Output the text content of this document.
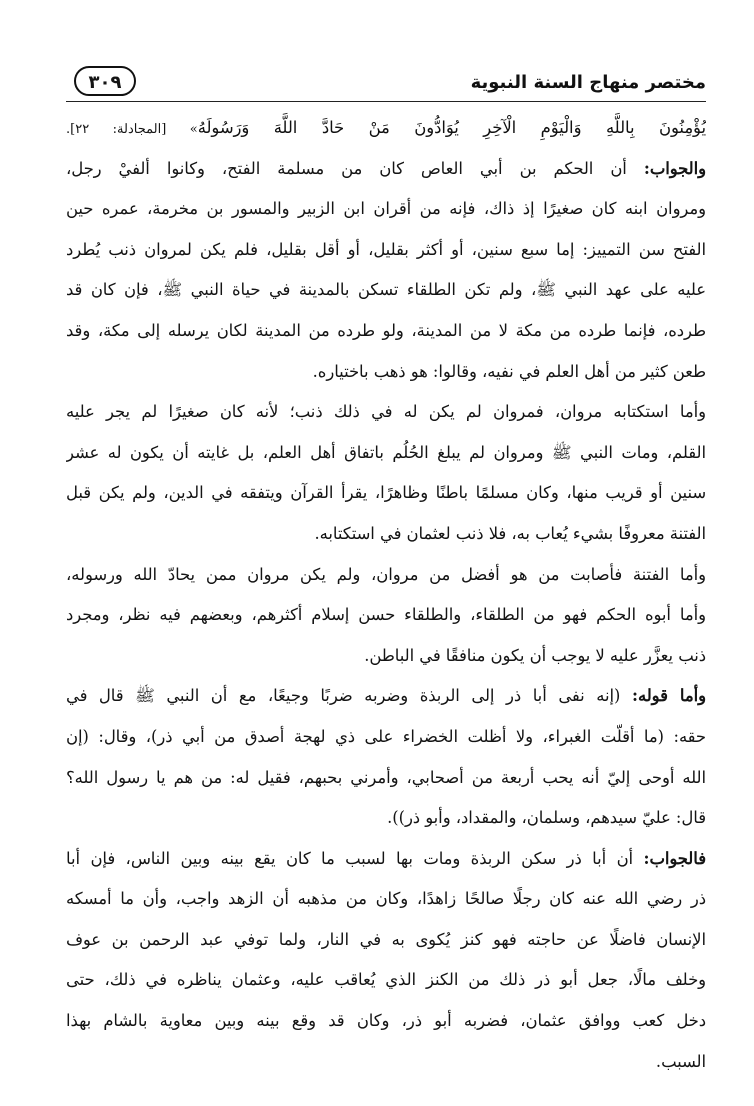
مختصر منهاج السنة النبوية
٣٠٩
يُؤْمِنُونَ بِاللَّهِ وَالْيَوْمِ الْآخِرِ يُوَادُّونَ مَنْ حَادَّ اللَّهَ وَرَسُولَهُ» [المجادلة: ٢٢].
والجواب: أن الحكم بن أبي العاص كان من مسلمة الفتح، وكانوا ألفيْ رجل،
ومروان ابنه كان صغيرًا إذ ذاك، فإنه من أقران ابن الزبير والمسور بن مخرمة، عمره حين
الفتح سن التمييز: إما سبع سنين، أو أكثر بقليل، أو أقل بقليل، فلم يكن لمروان ذنب يُطرد
عليه على عهد النبي ﷺ، ولم تكن الطلقاء تسكن بالمدينة في حياة النبي ﷺ، فإن كان قد
طرده، فإنما طرده من مكة لا من المدينة، ولو طرده من المدينة لكان يرسله إلى مكة، وقد
طعن كثير من أهل العلم في نفيه، وقالوا: هو ذهب باختياره.
وأما استكتابه مروان، فمروان لم يكن له في ذلك ذنب؛ لأنه كان صغيرًا لم يجر عليه
القلم، ومات النبي ﷺ ومروان لم يبلغ الحُلُم باتفاق أهل العلم، بل غايته أن يكون له عشر
سنين أو قريب منها، وكان مسلمًا باطنًا وظاهرًا، يقرأ القرآن ويتفقه في الدين، ولم يكن قبل
الفتنة معروفًا بشيء يُعاب به، فلا ذنب لعثمان في استكتابه.
وأما الفتنة فأصابت من هو أفضل من مروان، ولم يكن مروان ممن يحادّ الله ورسوله،
وأما أبوه الحكم فهو من الطلقاء، والطلقاء حسن إسلام أكثرهم، وبعضهم فيه نظر، ومجرد
ذنب يعزَّر عليه لا يوجب أن يكون منافقًا في الباطن.
وأما قوله: (إنه نفى أبا ذر إلى الربذة وضربه ضربًا وجيعًا، مع أن النبي ﷺ قال في
حقه: (ما أقلّت الغبراء، ولا أظلت الخضراء على ذي لهجة أصدق من أبي ذر)، وقال: (إن
الله أوحى إليّ أنه يحب أربعة من أصحابي، وأمرني بحبهم، فقيل له: من هم يا رسول الله؟
قال: عليّ سيدهم، وسلمان، والمقداد، وأبو ذر)).
فالجواب: أن أبا ذر سكن الربذة ومات بها لسبب ما كان يقع بينه وبين الناس، فإن أبا
ذر رضي الله عنه كان رجلًا صالحًا زاهدًا، وكان من مذهبه أن الزهد واجب، وأن ما أمسكه
الإنسان فاضلًا عن حاجته فهو كنز يُكوى به في النار، ولما توفي عبد الرحمن بن عوف
وخلف مالًا، جعل أبو ذر ذلك من الكنز الذي يُعاقب عليه، وعثمان يناظره في ذلك، حتى
دخل كعب ووافق عثمان، فضربه أبو ذر، وكان قد وقع بينه وبين معاوية بالشام بهذا
السبب.
